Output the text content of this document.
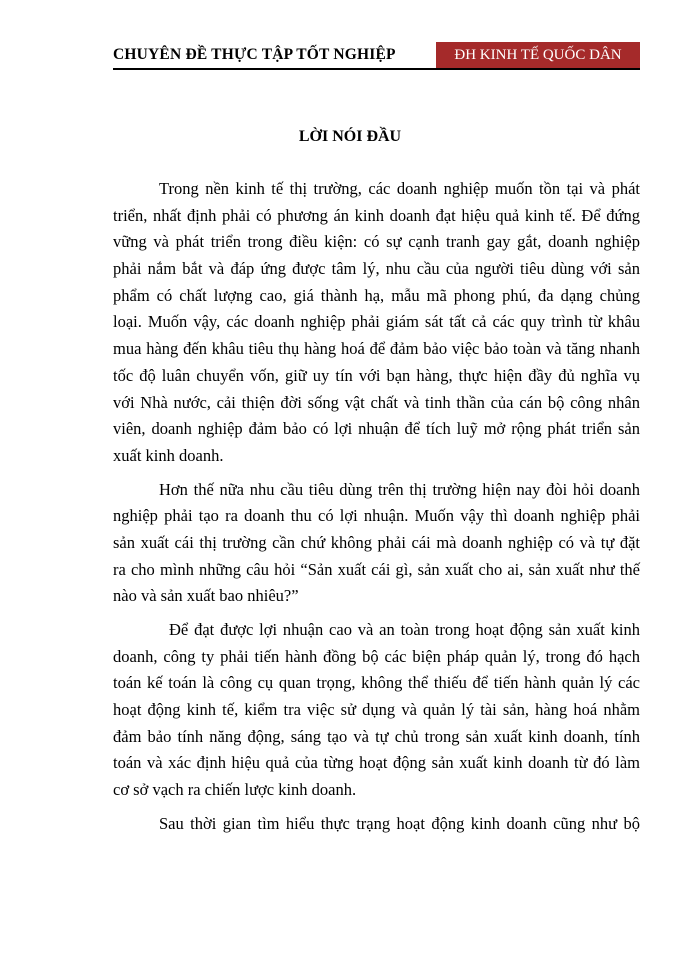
CHUYÊN ĐỀ THỰC TẬP TỐT NGHIỆP	ĐH KINH TẾ QUỐC DÂN
LỜI NÓI ĐẦU
Trong nền kinh tế thị trường, các doanh nghiệp muốn tồn tại và phát
triển, nhất định phải có phương án kinh doanh đạt hiệu quả kinh tế. Để đứng
vững và phát triển trong điều kiện: có sự cạnh tranh gay gắt, doanh nghiệp
phải nắm bắt và đáp ứng được tâm lý, nhu cầu của người tiêu dùng với sản
phẩm có chất lượng cao, giá thành hạ, mẫu mã phong phú, đa dạng chủng
loại. Muốn vậy, các doanh nghiệp phải giám sát tất cả các quy trình từ khâu
mua hàng đến khâu tiêu thụ hàng hoá để đảm bảo việc bảo toàn và tăng nhanh
tốc độ luân chuyển vốn, giữ uy tín với bạn hàng, thực hiện đầy đủ nghĩa vụ
với Nhà nước, cải thiện đời sống vật chất và tinh thần của cán bộ công nhân
viên, doanh nghiệp đảm bảo có lợi nhuận để tích luỹ mở rộng phát triển sản
xuất kinh doanh.
Hơn thế nữa nhu cầu tiêu dùng trên thị trường hiện nay đòi hỏi doanh
nghiệp phải tạo ra doanh thu có lợi nhuận. Muốn vậy thì doanh nghiệp phải
sản xuất cái thị trường cần chứ không phải cái mà doanh nghiệp có và tự đặt
ra cho mình những câu hỏi “Sản xuất cái gì, sản xuất cho ai, sản xuất như thế
nào và sản xuất bao nhiêu?”
Để đạt được lợi nhuận cao và an toàn trong hoạt động sản xuất kinh
doanh, công ty phải tiến hành đồng bộ các biện pháp quản lý, trong đó hạch
toán kế toán là công cụ quan trọng, không thể thiếu để tiến hành quản lý các
hoạt động kinh tế, kiểm tra việc sử dụng và quản lý tài sản, hàng hoá nhằm
đảm bảo tính năng động, sáng tạo và tự chủ trong sản xuất kinh doanh, tính
toán và xác định hiệu quả của từng hoạt động sản xuất kinh doanh từ đó làm
cơ sở vạch ra chiến lược kinh doanh.
Sau thời gian tìm hiểu thực trạng hoạt động kinh doanh cũng như bộ
